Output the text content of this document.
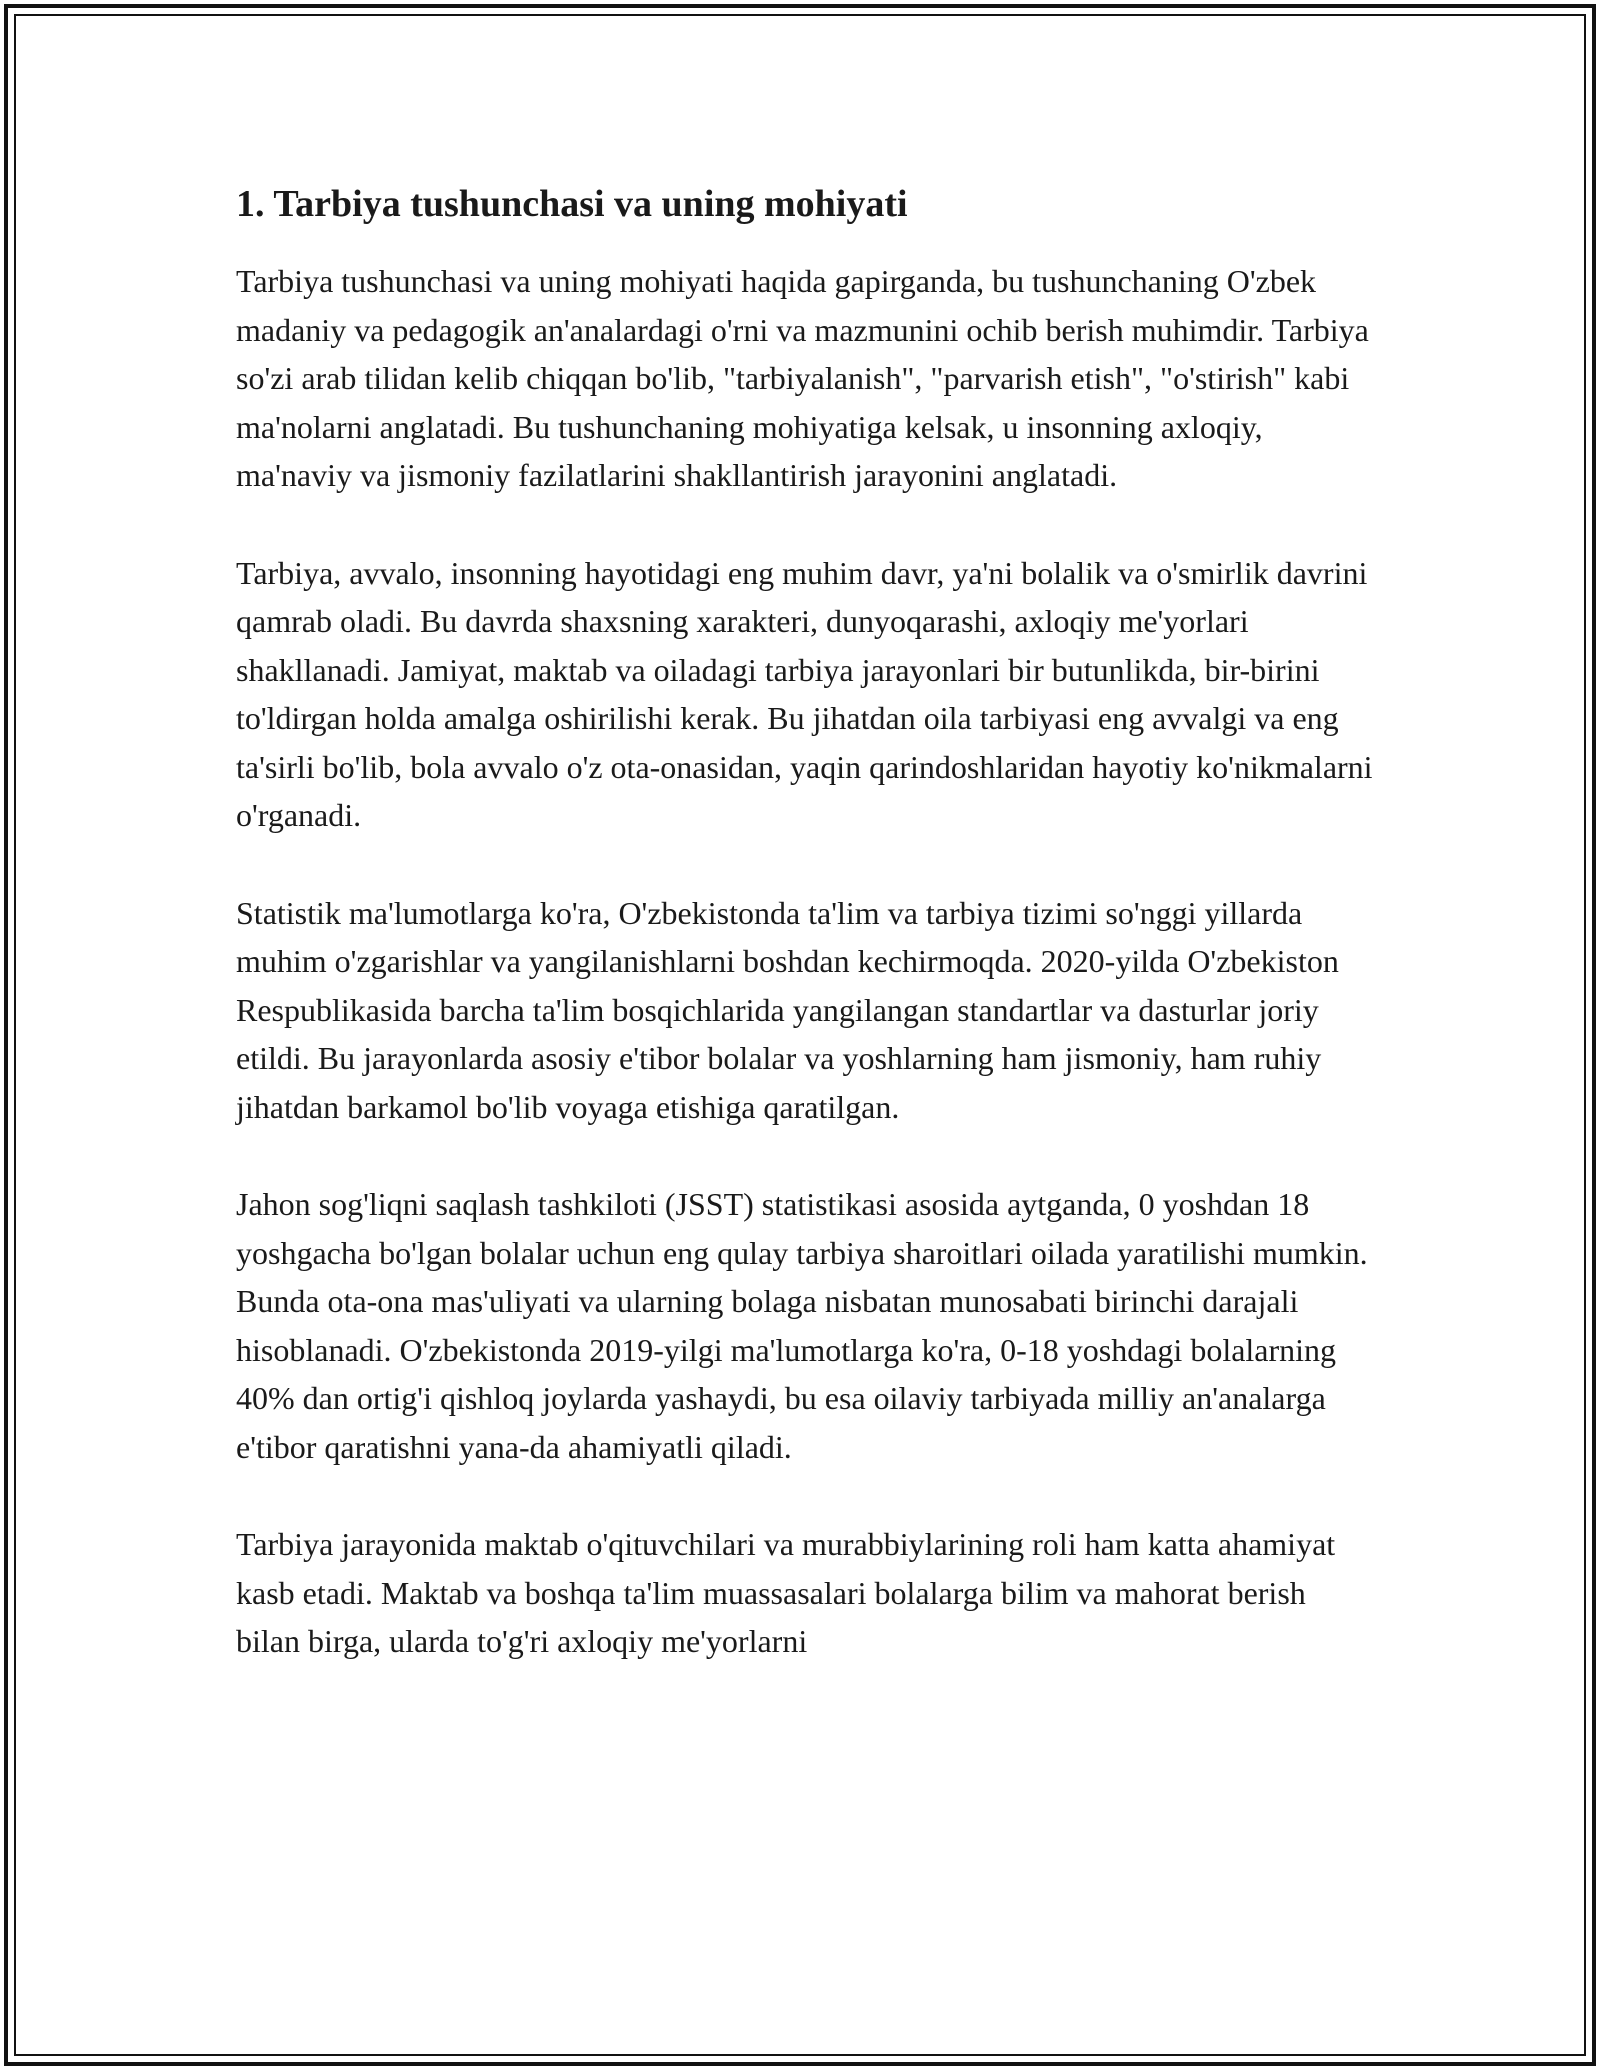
1. Tarbiya tushunchasi va uning mohiyati

Tarbiya tushunchasi va uning mohiyati haqida gapirganda, bu tushunchaning O'zbek madaniy va pedagogik an'analardagi o'rni va mazmunini ochib berish muhimdir. Tarbiya so'zi arab tilidan kelib chiqqan bo'lib, "tarbiyalanish", "parvarish etish", "o'stirish" kabi ma'nolarni anglatadi. Bu tushunchaning mohiyatiga kelsak, u insonning axloqiy, ma'naviy va jismoniy fazilatlarini shakllantirish jarayonini anglatadi.

Tarbiya, avvalo, insonning hayotidagi eng muhim davr, ya'ni bolalik va o'smirlik davrini qamrab oladi. Bu davrda shaxsning xarakteri, dunyoqarashi, axloqiy me'yorlari shakllanadi. Jamiyat, maktab va oiladagi tarbiya jarayonlari bir butunlikda, bir-birini to'ldirgan holda amalga oshirilishi kerak. Bu jihatdan oila tarbiyasi eng avvalgi va eng ta'sirli bo'lib, bola avvalo o'z ota-onasidan, yaqin qarindoshlaridan hayotiy ko'nikmalarni o'rganadi.

Statistik ma'lumotlarga ko'ra, O'zbekistonda ta'lim va tarbiya tizimi so'nggi yillarda muhim o'zgarishlar va yangilanishlarni boshdan kechirmoqda. 2020-yilda O'zbekiston Respublikasida barcha ta'lim bosqichlarida yangilangan standartlar va dasturlar joriy etildi. Bu jarayonlarda asosiy e'tibor bolalar va yoshlarning ham jismoniy, ham ruhiy jihatdan barkamol bo'lib voyaga etishiga qaratilgan.

Jahon sog'liqni saqlash tashkiloti (JSST) statistikasi asosida aytganda, 0 yoshdan 18 yoshgacha bo'lgan bolalar uchun eng qulay tarbiya sharoitlari oilada yaratilishi mumkin. Bunda ota-ona mas'uliyati va ularning bolaga nisbatan munosabati birinchi darajali hisoblanadi. O'zbekistonda 2019-yilgi ma'lumotlarga ko'ra, 0-18 yoshdagi bolalarning 40% dan ortig'i qishloq joylarda yashaydi, bu esa oilaviy tarbiyada milliy an'analarga e'tibor qaratishni yana-da ahamiyatli qiladi.

Tarbiya jarayonida maktab o'qituvchilari va murabbiylarining roli ham katta ahamiyat kasb etadi. Maktab va boshqa ta'lim muassasalari bolalarga bilim va mahorat berish bilan birga, ularda to'g'ri axloqiy me'yorlarni
